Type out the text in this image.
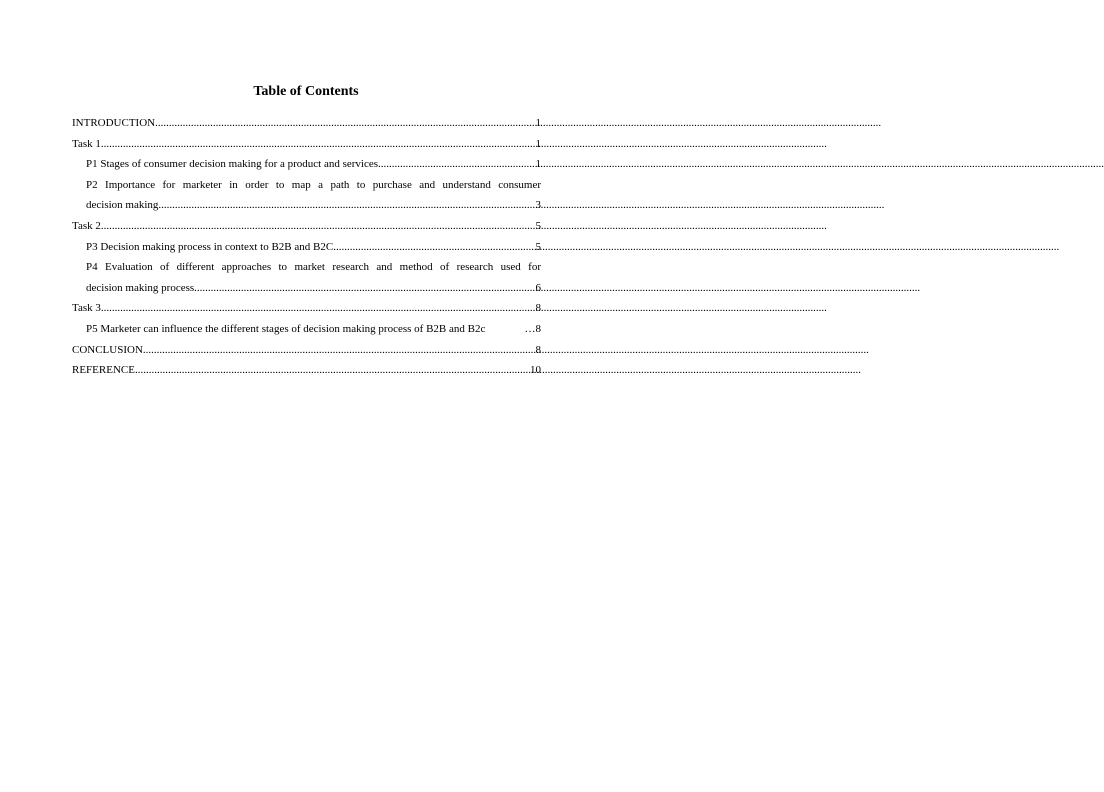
Table of Contents
INTRODUCTION .....	1
Task 1 .....	1
P1 Stages of consumer decision making for a product and services .....	1
P2 Importance for marketer in order to map a path to purchase and understand consumer
decision making .....	3
Task 2 .....	5
P3 Decision making process in context to B2B and B2C .....	5
P4 Evaluation of different approaches to market research and method of research used for
decision making process .....	6
Task 3 .....	8
P5 Marketer can influence the different stages of decision making process of B2B and B2c	… 8
CONCLUSION .....	8
REFERENCE .....	10
